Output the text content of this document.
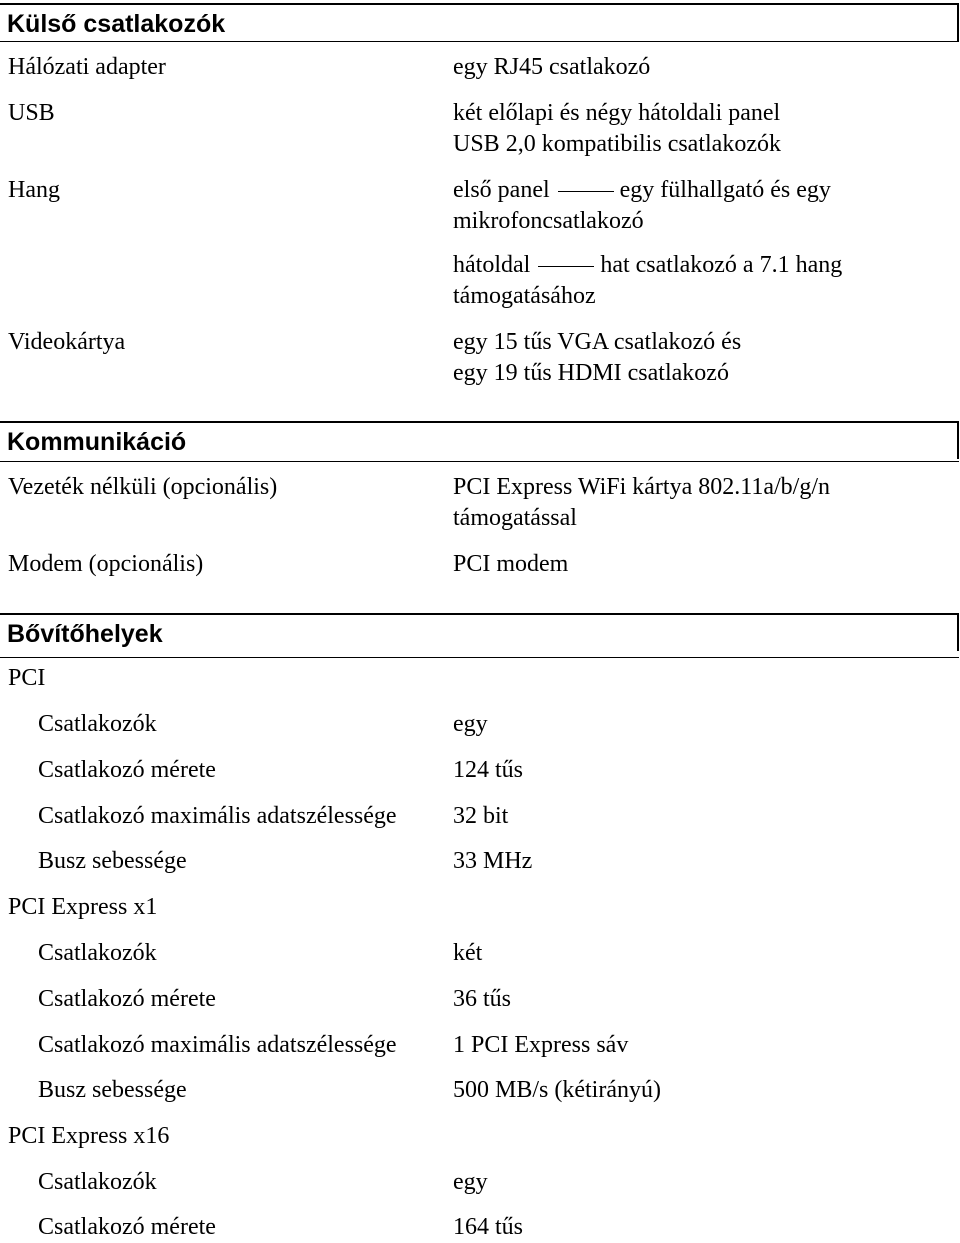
Külső csatlakozók
Hálózati adapter	egy RJ45 csatlakozó
USB	két előlapi és négy hátoldali panel
USB 2,0 kompatibilis csatlakozók
Hang	első panel	egy fülhallgató és egy
mikrofoncsatlakozó
hátoldal	hat csatlakozó a 7.1 hang
támogatásához
Videokártya	egy 15 tűs VGA csatlakozó és
egy 19 tűs HDMI csatlakozó
Kommunikáció
Vezeték nélküli (opcionális)	PCI Express WiFi kártya 802.11a/b/g/n
támogatással
Modem (opcionális)	PCI modem
Bővítőhelyek
PCI
Csatlakozók	egy
Csatlakozó mérete	124 tűs
Csatlakozó maximális adatszélessége 32 bit
Busz sebessége	33 MHz
PCI Express x1
Csatlakozók	két
Csatlakozó mérete	36 tűs
Csatlakozó maximális adatszélessége 1 PCI Express sáv
Busz sebessége	500 MB/s (kétirányú)
PCI Express x16
Csatlakozók	egy
Csatlakozó mérete	164 tűs
